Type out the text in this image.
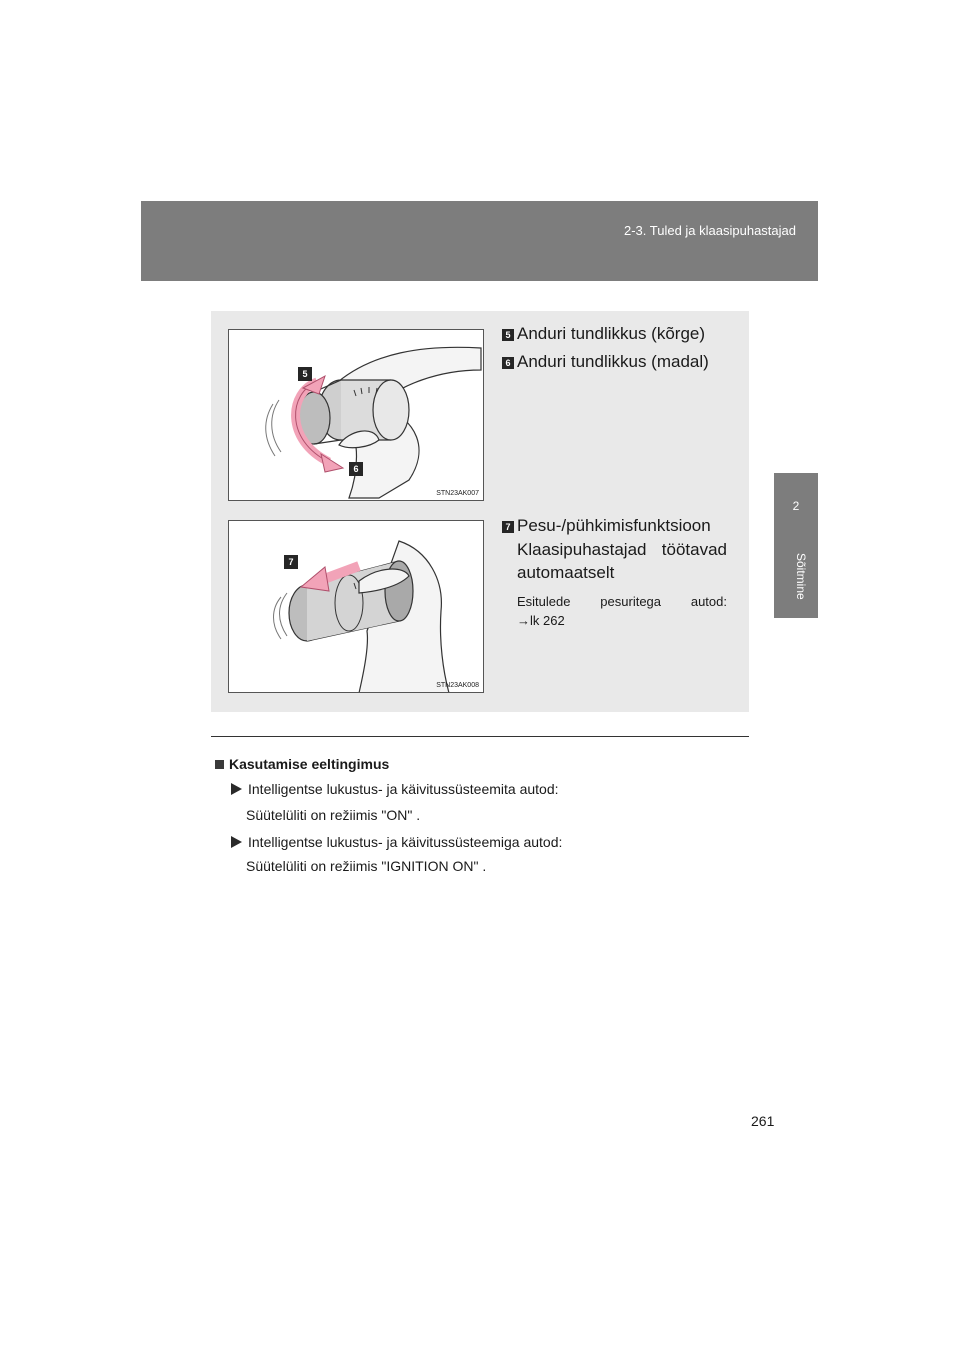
2-3. Tuled ja klaasipuhastajad
2
Sõitmine
5
6
STN23AK007
7
STN23AK008
5 Anduri tundlikkus (kõrge)
6 Anduri tundlikkus (madal)
7 Pesu-/pühkimisfunktsioon
Klaasipuhastajad töötavad automaatselt
Esitulede pesuritega autod:
→lk 262
Kasutamise eeltingimus
Intelligentse lukustus- ja käivitussüsteemita autod:
Süütelüliti on režiimis "ON" .
Intelligentse lukustus- ja käivitussüsteemiga autod:
Süütelüliti on režiimis "IGNITION ON" .
261
